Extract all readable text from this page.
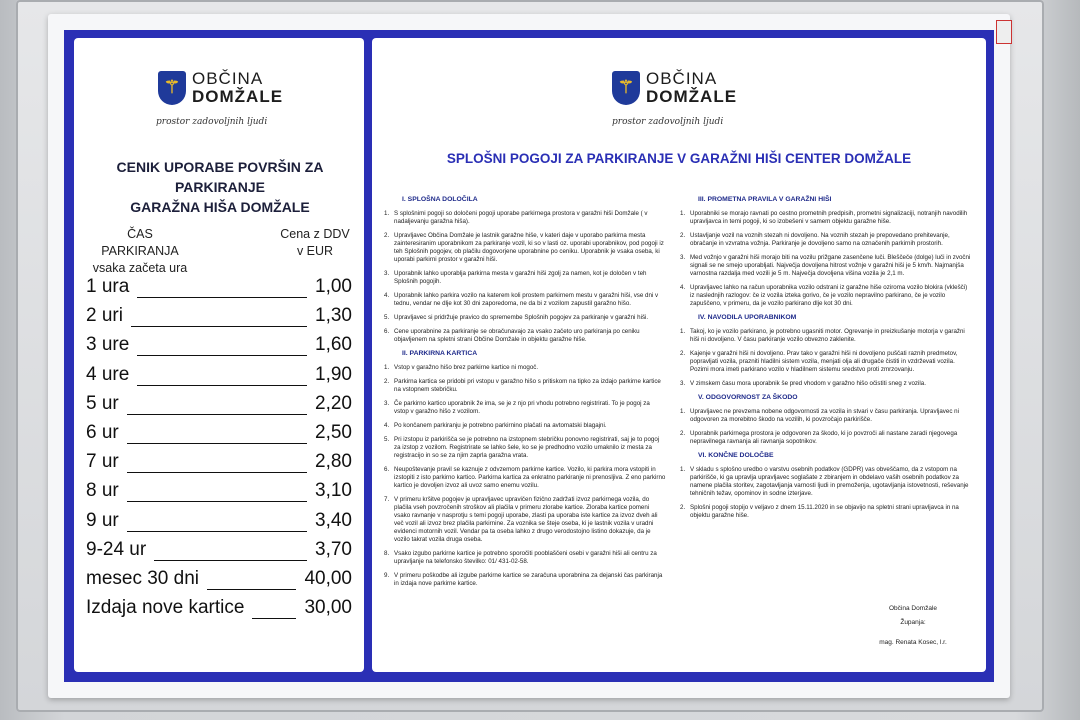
⚚ OBČINA
DOMŽALE
prostor zadovoljnih ljudi
CENIK UPORABE POVRŠIN ZA PARKIRANJE
GARAŽNA HIŠA DOMŽALE
ČAS PARKIRANJA
vsaka začeta ura
Cena z DDV
v EUR
1 ura	1,00
2 uri	1,30
3 ure	1,60
4 ure	1,90
5 ur	2,20
6 ur	2,50
7 ur	2,80
8 ur	3,10
9 ur	3,40
9-24 ur	3,70
mesec 30 dni	40,00
Izdaja nove kartice	30,00
⚚ OBČINA
DOMŽALE
prostor zadovoljnih ljudi
SPLOŠNI POGOJI ZA PARKIRANJE V GARAŽNI HIŠI CENTER DOMŽALE
I. SPLOŠNA DOLOČILA
1. S splošnimi pogoji so določeni pogoji uporabe parkirnega prostora v garažni hiši Domžale ( v nadaljevanju garažna hiša).
2. Upravljavec Občina Domžale je lastnik garažne hiše, v kateri daje v uporabo parkirna mesta zainteresiranim uporabnikom za parkiranje vozil, ki so v lasti oz. uporabi uporabnikov, pod pogoji iz teh Splošnih pogojev, ob plačilu dogovorjene uporabnine po ceniku. Uporabnik je vsaka oseba, ki uporabi parkirni prostor v garažni hiši.
3. Uporabnik lahko uporablja parkirna mesta v garažni hiši zgolj za namen, kot je določen v teh Splošnih pogojih.
4. Uporabnik lahko parkira vozilo na katerem koli prostem parkirnem mestu v garažni hiši, vse dni v tednu, vendar ne dlje kot 30 dni zaporedoma, ne da bi z vozilom zapustil garažno hišo.
5. Upravljavec si pridržuje pravico do spremembe Splošnih pogojev za parkiranje v garažni hiši.
6. Cene uporabnine za parkiranje se obračunavajo za vsako začeto uro parkiranja po ceniku objavljenem na spletni strani Občine Domžale in objektu garažne hiše.
II. PARKIRNA KARTICA
1. Vstop v garažno hišo brez parkirne kartice ni mogoč.
2. Parkirna kartica se pridobi pri vstopu v garažno hišo s pritiskom na tipko za izdajo parkirne kartice na vstopnem stebričku.
3. Če parkirno kartico uporabnik že ima, se je z njo pri vhodu potrebno registrirati. To je pogoj za vstop v garažno hišo z vozilom.
4. Po končanem parkiranju je potrebno parkirnino plačati na avtomatski blagajni.
5. Pri izstopu iz parkirišča se je potrebno na izstopnem stebričku ponovno registrirati, saj je to pogoj za izstop z vozilom. Registrirate se lahko šele, ko se je predhodno vozilo umaknilo iz mesta za registracijo in so se za njim zaprla garažna vrata.
6. Neupoštevanje pravil se kaznuje z odvzemom parkirne kartice. Vozilo, ki parkira mora vstopiti in izstopiti z isto parkirno kartico. Parkirna kartica za enkratno parkiranje ni prenosljiva. Z eno parkirno kartico je dovoljen izvoz ali uvoz samo enemu vozilu.
7. V primeru kršitve pogojev je upravljavec upravičen fizično zadržati izvoz parkirnega vozila, do plačila vseh povzročenih stroškov ali plačila v primeru zlorabe kartice. Zloraba kartice pomeni vsako ravnanje v nasprotju s temi pogoji uporabe, zlasti pa uporaba iste kartice za izvoz dveh ali več vozil ali izvoz brez plačila parkirnine. Za voznika se šteje oseba, ki je lastnik vozila v uradni evidenci motornih vozil. Vendar pa ta oseba lahko z drugo verodostojno listino dokazuje, da je vozilo takrat vozila druga oseba.
8. Vsako izgubo parkirne kartice je potrebno sporočiti pooblaščeni osebi v garažni hiši ali centru za upravljanje na telefonsko številko: 01/ 431-02-58.
9. V primeru poškodbe ali izgube parkirne kartice se zaračuna uporabnina za dejanski čas parkiranja in izdaja nove parkirne kartice.
III. PROMETNA PRAVILA V GARAŽNI HIŠI
1. Uporabniki se morajo ravnati po cestno prometnih predpisih, prometni signalizaciji, notranjih navodilih upravljavca in temi pogoji, ki so izobešeni v samem objektu garažne hiše.
2. Ustavljanje vozil na voznih stezah ni dovoljeno. Na voznih stezah je prepovedano prehitevanje, obračanje in vzvratna vožnja. Parkiranje je dovoljeno samo na označenih parkirnih prostorih.
3. Med vožnjo v garažni hiši morajo biti na vozilu prižgane zasenčene luči. Bleščeče (dolge) luči in zvočni signali se ne smejo uporabljati. Največja dovoljena hitrost vožnje v garažni hiši je 5 km/h. Najmanjša varnostna razdalja med vozili je 5 m. Največja dovoljena višina vozila je 2,1 m.
4. Upravljavec lahko na račun uporabnika vozilo odstrani iz garažne hiše oziroma vozilo blokira (vklešči) iz naslednjih razlogov: če iz vozila izteka gorivo, če je vozilo nepravilno parkirano, če je vozilo zapuščeno, v primeru, da je vozilo parkirano dlje kot 30 dni.
IV. NAVODILA UPORABNIKOM
1. Takoj, ko je vozilo parkirano, je potrebno ugasniti motor. Ogrevanje in preizkušanje motorja v garažni hiši ni dovoljeno. V času parkiranje vozilo obvezno zaklenite.
2. Kajenje v garažni hiši ni dovoljeno. Prav tako v garažni hiši ni dovoljeno puščati raznih predmetov, popravljati vozila, prazniti hladilni sistem vozila, menjati olja ali drugače čistiti in vzdrževati vozila. Pozimi mora imeti parkirano vozilo v hladilnem sistemu sredstvo proti zmrzovanju.
3. V zimskem času mora uporabnik še pred vhodom v garažno hišo očistiti sneg z vozila.
V. ODGOVORNOST ZA ŠKODO
1. Upravljavec ne prevzema nobene odgovornosti za vozila in stvari v času parkiranja. Upravljavec ni odgovoren za morebitno škodo na vozilih, ki povzročajo parkirišče.
2. Uporabnik parkirnega prostora je odgovoren za škodo, ki jo povzroči ali nastane zaradi njegovega nepravilnega ravnanja ali ravnanja sopotnikov.
VI. KONČNE DOLOČBE
1. V skladu s splošno uredbo o varstvu osebnih podatkov (GDPR) vas obveščamo, da z vstopom na parkirišče, ki ga upravlja upravljavec soglašate z zbiranjem in obdelavo vaših osebnih podatkov za namene plačila storitev, zagotavljanja varnosti ljudi in premoženja, ugotavljanja istovetnosti, reševanje tehničnih težav, opominov in sodne izterjave.
2. Splošni pogoji stopijo v veljavo z dnem 15.11.2020 in se objavijo na spletni strani upravljavca in na objektu garažne hiše.
Občina Domžale
Županja:
mag. Renata Kosec, l.r.
